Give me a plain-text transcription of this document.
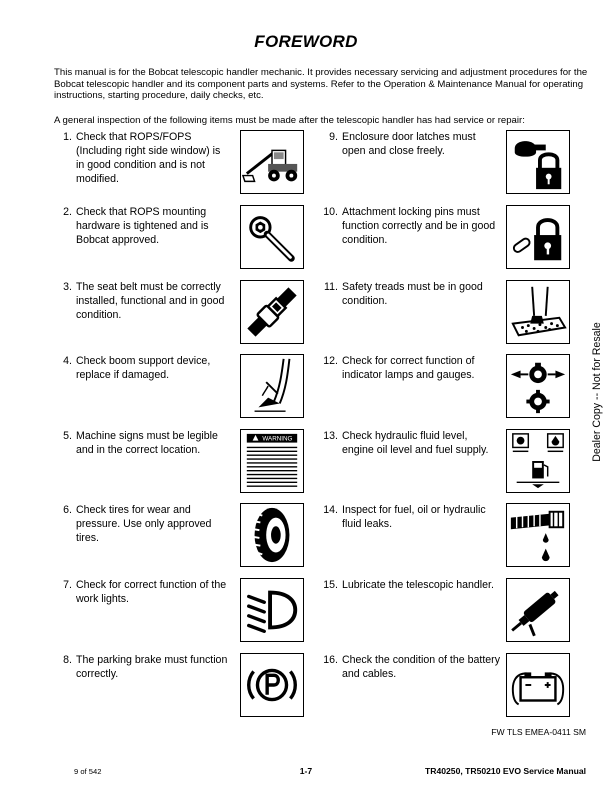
FOREWORD
This manual is for the Bobcat telescopic handler mechanic. It provides necessary servicing and adjustment procedures for the Bobcat telescopic handler and its component parts and systems. Refer to the Operation & Maintenance Manual for operating instructions, starting procedure, daily checks, etc.
A general inspection of the following items must be made after the telescopic handler has had service or repair:
1. Check that ROPS/FOPS (Including right side window) is in good condition and is not modified.
2. Check that ROPS mounting hardware is tightened and is Bobcat approved.
3. The seat belt must be correctly installed, functional and in good condition.
4. Check boom support device, replace if damaged.
5. Machine signs must be legible and in the correct location.
6. Check tires for wear and pressure. Use only approved tires.
7. Check for correct function of the work lights.
8. The parking brake must function correctly.
9. Enclosure door latches must open and close freely.
10. Attachment locking pins must function correctly and be in good condition.
11. Safety treads must be in good condition.
12. Check for correct function of indicator lamps and gauges.
13. Check hydraulic fluid level, engine oil level and fuel supply.
14. Inspect for fuel, oil or hydraulic fluid leaks.
15. Lubricate the telescopic handler.
16. Check the condition of the battery and cables.
WARNING	Dealer Copy -- Not for Resale
FW TLS EMEA-0411 SM
9 of 542	1-7	TR40250, TR50210 EVO Service Manual
